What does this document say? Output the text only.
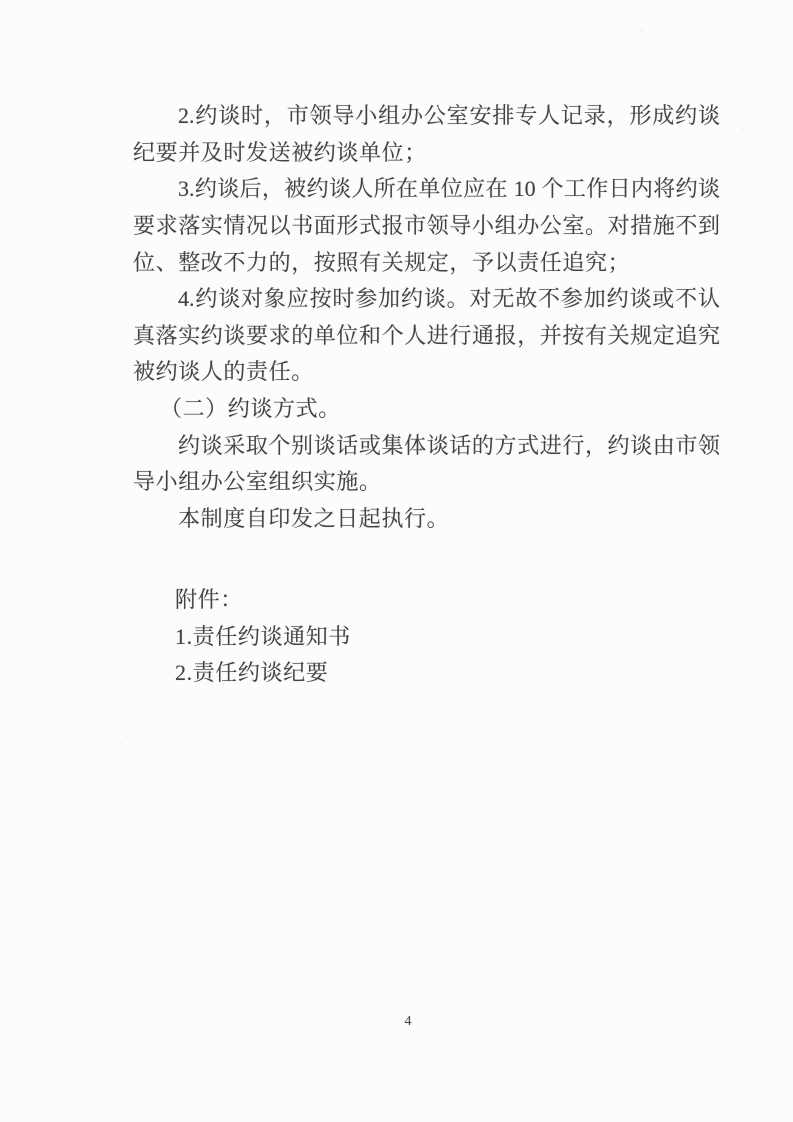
2.约谈时，市领导小组办公室安排专人记录，形成约谈
纪要并及时发送被约谈单位；
3.约谈后，被约谈人所在单位应在 10 个工作日内将约谈
要求落实情况以书面形式报市领导小组办公室。对措施不到
位、整改不力的，按照有关规定，予以责任追究；
4.约谈对象应按时参加约谈。对无故不参加约谈或不认
真落实约谈要求的单位和个人进行通报，并按有关规定追究
被约谈人的责任。
（二）约谈方式。
约谈采取个别谈话或集体谈话的方式进行，约谈由市领
导小组办公室组织实施。
本制度自印发之日起执行。
附件：
1.责任约谈通知书
2.责任约谈纪要
4
